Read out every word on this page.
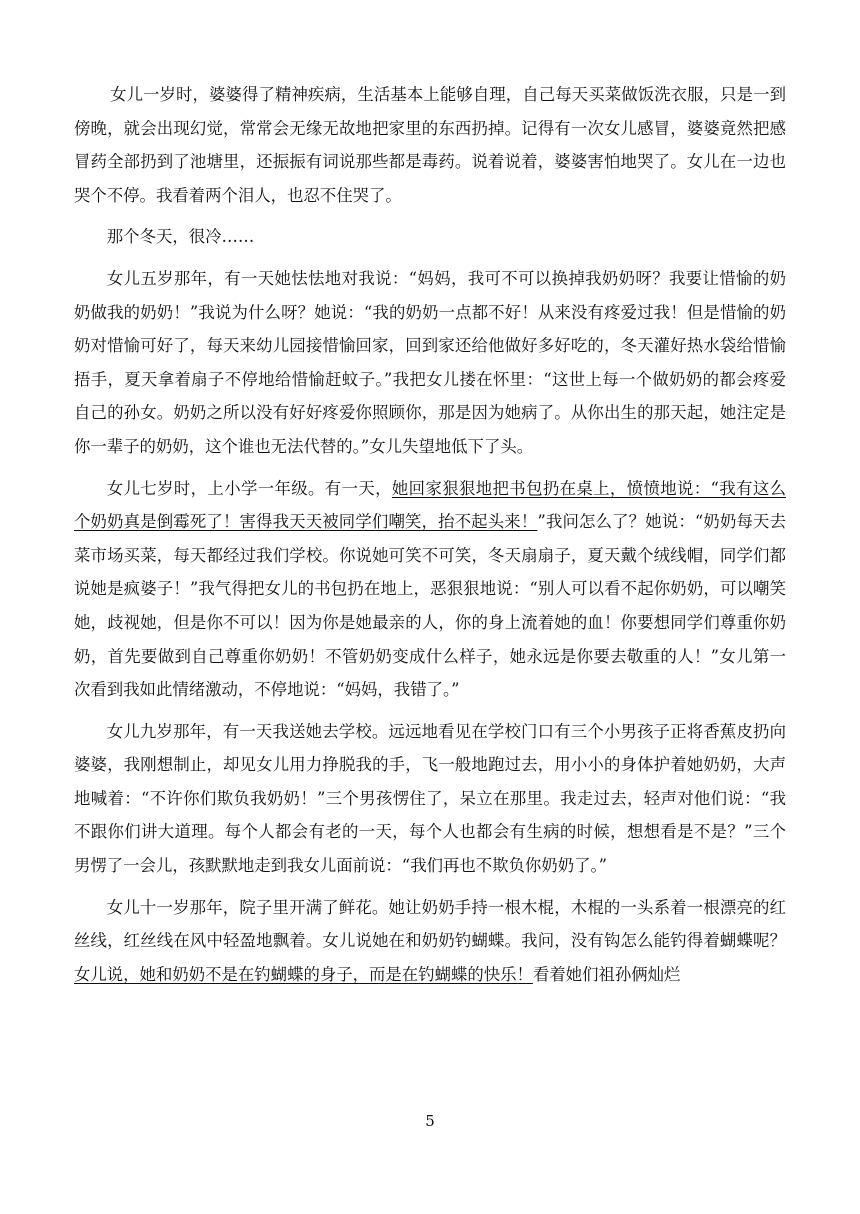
女儿一岁时，婆婆得了精神疾病，生活基本上能够自理，自己每天买菜做饭洗衣服，只是一到傍晚，就会出现幻觉，常常会无缘无故地把家里的东西扔掉。记得有一次女儿感冒，婆婆竟然把感冒药全部扔到了池塘里，还振振有词说那些都是毒药。说着说着，婆婆害怕地哭了。女儿在一边也哭个不停。我看着两个泪人，也忍不住哭了。

那个冬天，很冷……

女儿五岁那年，有一天她怯怯地对我说：“妈妈，我可不可以换掉我奶奶呀？我要让惜愉的奶奶做我的奶奶！”我说为什么呀？她说：“我的奶奶一点都不好！从来没有疼爱过我！但是惜愉的奶奶对惜愉可好了，每天来幼儿园接惜愉回家，回到家还给他做好多好吃的，冬天灌好热水袋给惜愉捂手，夏天拿着扇子不停地给惜愉赶蚊子。”我把女儿搂在怀里：“这世上每一个做奶奶的都会疼爱自己的孙女。奶奶之所以没有好好疼爱你照顾你，那是因为她病了。从你出生的那天起，她注定是你一辈子的奶奶，这个谁也无法代替的。”女儿失望地低下了头。

女儿七岁时，上小学一年级。有一天，她回家狠狠地把书包扔在桌上，愤愤地说：“我有这么个奶奶真是倒霉死了！害得我天天被同学们嘲笑，抬不起头来！”我问怎么了？她说：“奶奶每天去菜市场买菜，每天都经过我们学校。你说她可笑不可笑，冬天扇扇子，夏天戴个绒线帽，同学们都说她是疯婆子！”我气得把女儿的书包扔在地上，恶狠狠地说：“别人可以看不起你奶奶，可以嘲笑她，歧视她，但是你不可以！因为你是她最亲的人，你的身上流着她的血！你要想同学们尊重你奶奶，首先要做到自己尊重你奶奶！不管奶奶变成什么样子，她永远是你要去敬重的人！”女儿第一次看到我如此情绪激动，不停地说：“妈妈，我错了。”

女儿九岁那年，有一天我送她去学校。远远地看见在学校门口有三个小男孩子正将香蕉皮扔向婆婆，我刚想制止，却见女儿用力挣脱我的手，飞一般地跑过去，用小小的身体护着她奶奶，大声地喊着：“不许你们欺负我奶奶！”三个男孩愣住了，呆立在那里。我走过去，轻声对他们说：“我不跟你们讲大道理。每个人都会有老的一天，每个人也都会有生病的时候，想想看是不是？”三个男愣了一会儿，孩默默地走到我女儿面前说：“我们再也不欺负你奶奶了。”

女儿十一岁那年，院子里开满了鲜花。她让奶奶手持一根木棍，木棍的一头系着一根漂亮的红丝线，红丝线在风中轻盈地飘着。女儿说她在和奶奶钓蝴蝶。我问，没有钩怎么能钓得着蝴蝶呢？女儿说，她和奶奶不是在钓蝴蝶的身子，而是在钓蝴蝶的快乐！看着她们祖孙俩灿烂

5
